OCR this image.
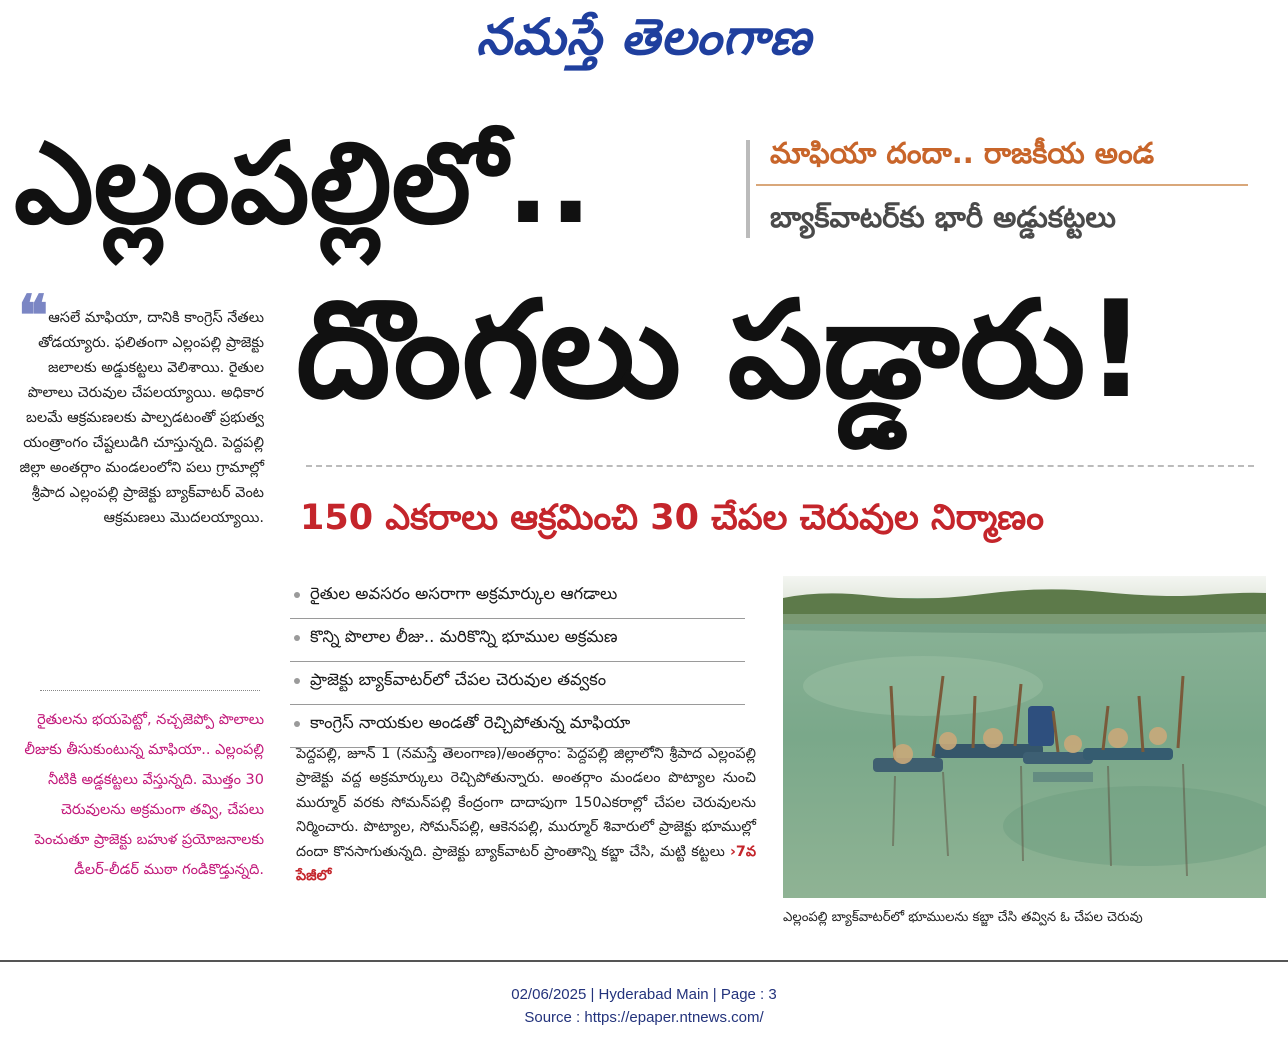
నమస్తే తెలంగాణ
ఎల్లంపల్లిలో..
దొంగలు పడ్డారు!
మాఫియా దందా.. రాజకీయ అండ
బ్యాక్‌వాటర్‌కు భారీ అడ్డుకట్టలు
150 ఎకరాలు ఆక్రమించి 30 చేపల చెరువుల నిర్మాణం
❝ ఆసలే మాఫియా, దానికి కాంగ్రెస్‌ నేతలు తోడయ్యారు. ఫలితంగా ఎల్లంపల్లి ప్రాజెక్టు జలాలకు అడ్డుకట్టలు వెలిశాయి. రైతుల పొలాలు చెరువుల చేపలయ్యాయి. అధికార బలమే ఆక్రమణలకు పాల్పడటంతో ప్రభుత్వ యంత్రాంగం చేష్టలుడిగి చూస్తున్నది. పెద్దపల్లి జిల్లా అంతర్గాం మండలంలోని పలు గ్రామాల్లో శ్రీపాద ఎల్లంపల్లి ప్రాజెక్టు బ్యాక్‌వాటర్‌ వెంట ఆక్రమణలు మొదలయ్యాయి.
రైతులను భయపెట్టో, నచ్చజెప్పో పొలాలు లీజుకు తీసుకుంటున్న మాఫియా.. ఎల్లంపల్లి నీటికి అడ్డకట్టలు వేస్తున్నది. మొత్తం 30 చెరువులను అక్రమంగా తవ్వి, చేపలు పెంచుతూ ప్రాజెక్టు బహుళ ప్రయోజనాలకు డీలర్‌-లీడర్‌ ముఠా గండికొడ్తున్నది.
రైతుల అవసరం అసరాగా అక్రమార్కుల ఆగడాలు
కొన్ని పొలాల లీజు.. మరికొన్ని భూముల అక్రమణ
ప్రాజెక్టు బ్యాక్‌వాటర్‌లో చేపల చెరువుల తవ్వకం
కాంగ్రెస్‌ నాయకుల అండతో రెచ్చిపోతున్న మాఫియా
పెద్దపల్లి, జూన్‌ 1 (నమస్తే తెలంగాణ)/అంతర్గాం: పెద్దపల్లి జిల్లాలోని శ్రీపాద ఎల్లంపల్లి ప్రాజెక్టు వద్ద అక్రమార్కులు రెచ్చిపోతున్నారు. అంతర్గాం మండలం పొట్యాల నుంచి ముర్మూర్‌ వరకు సోమన్‌పల్లి కేంద్రంగా దాదాపుగా 150ఎకరాల్లో చేపల చెరువులను నిర్మించారు. పొట్యాల, సోమన్‌పల్లి, ఆకెనపల్లి, ముర్మూర్‌ శివారులో ప్రాజెక్టు భూముల్లో దందా కొనసాగుతున్నది. ప్రాజెక్టు బ్యాక్‌వాటర్‌ ప్రాంతాన్ని కబ్జా చేసి, మట్టి కట్టలు ›7వ పేజీలో
ఎల్లంపల్లి బ్యాక్‌వాటర్‌లో భూములను కబ్జా చేసి తవ్విన ఓ చేపల చెరువు
02/06/2025 | Hyderabad Main | Page : 3
Source : https://epaper.ntnews.com/
